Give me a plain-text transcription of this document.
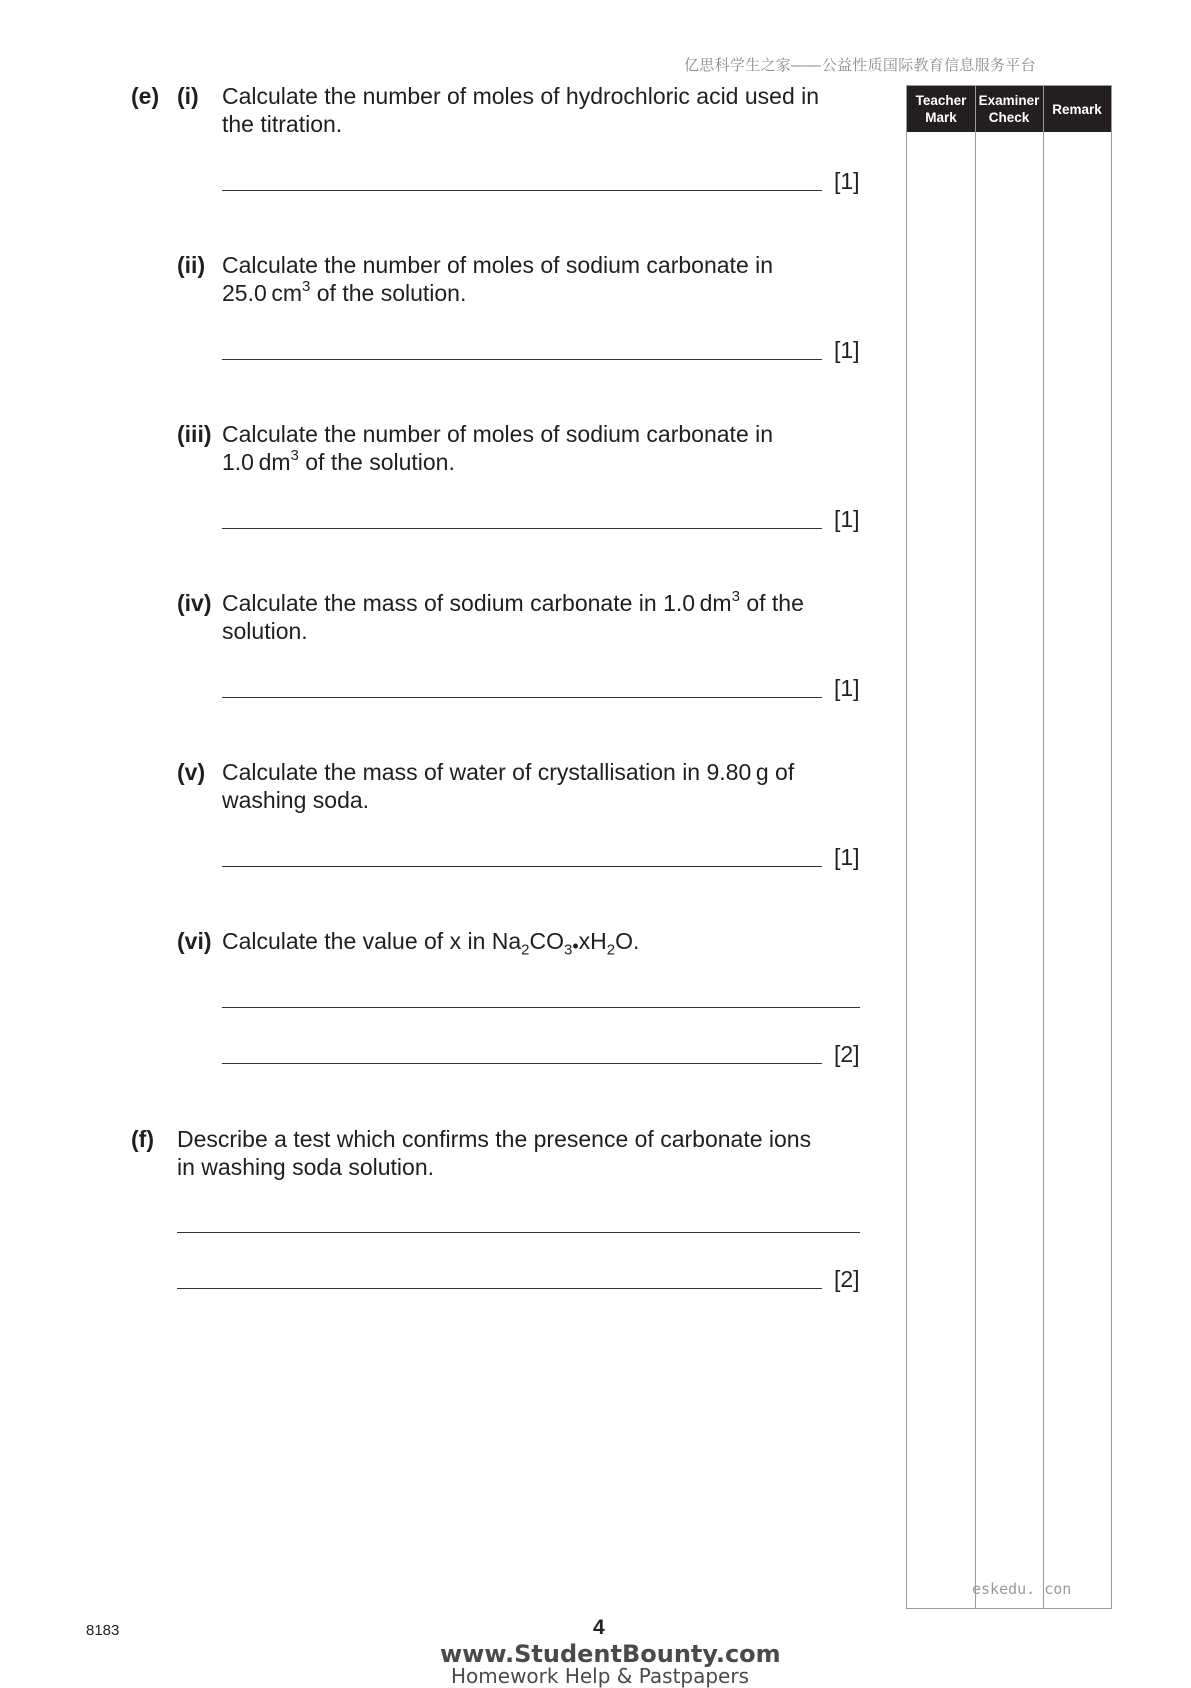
亿思科学生之家——公益性质国际教育信息服务平台
(e) (i) Calculate the number of moles of hydrochloric acid used in
the titration.
[1]
(ii) Calculate the number of moles of sodium carbonate in
25.0 $cm^3$ of the solution.
[1]
(iii) Calculate the number of moles of sodium carbonate in
1.0 $dm^3$ of the solution.
[1]
(iv) Calculate the mass of sodium carbonate in 1.0 $dm^3$ of the
solution.
[1]
(v) Calculate the mass of water of crystallisation in 9.80 g of
washing soda.
[1]
(vi) Calculate the value of x in $Na_2CO_3•xH_2O$.
[2]
(f) Describe a test which confirms the presence of carbonate ions
in washing soda solution.
[2]
Teacher Mark
Examiner Check
Remark
eskedu. con
8183	4
www.StudentBounty.com
Homework Help & Pastpapers
